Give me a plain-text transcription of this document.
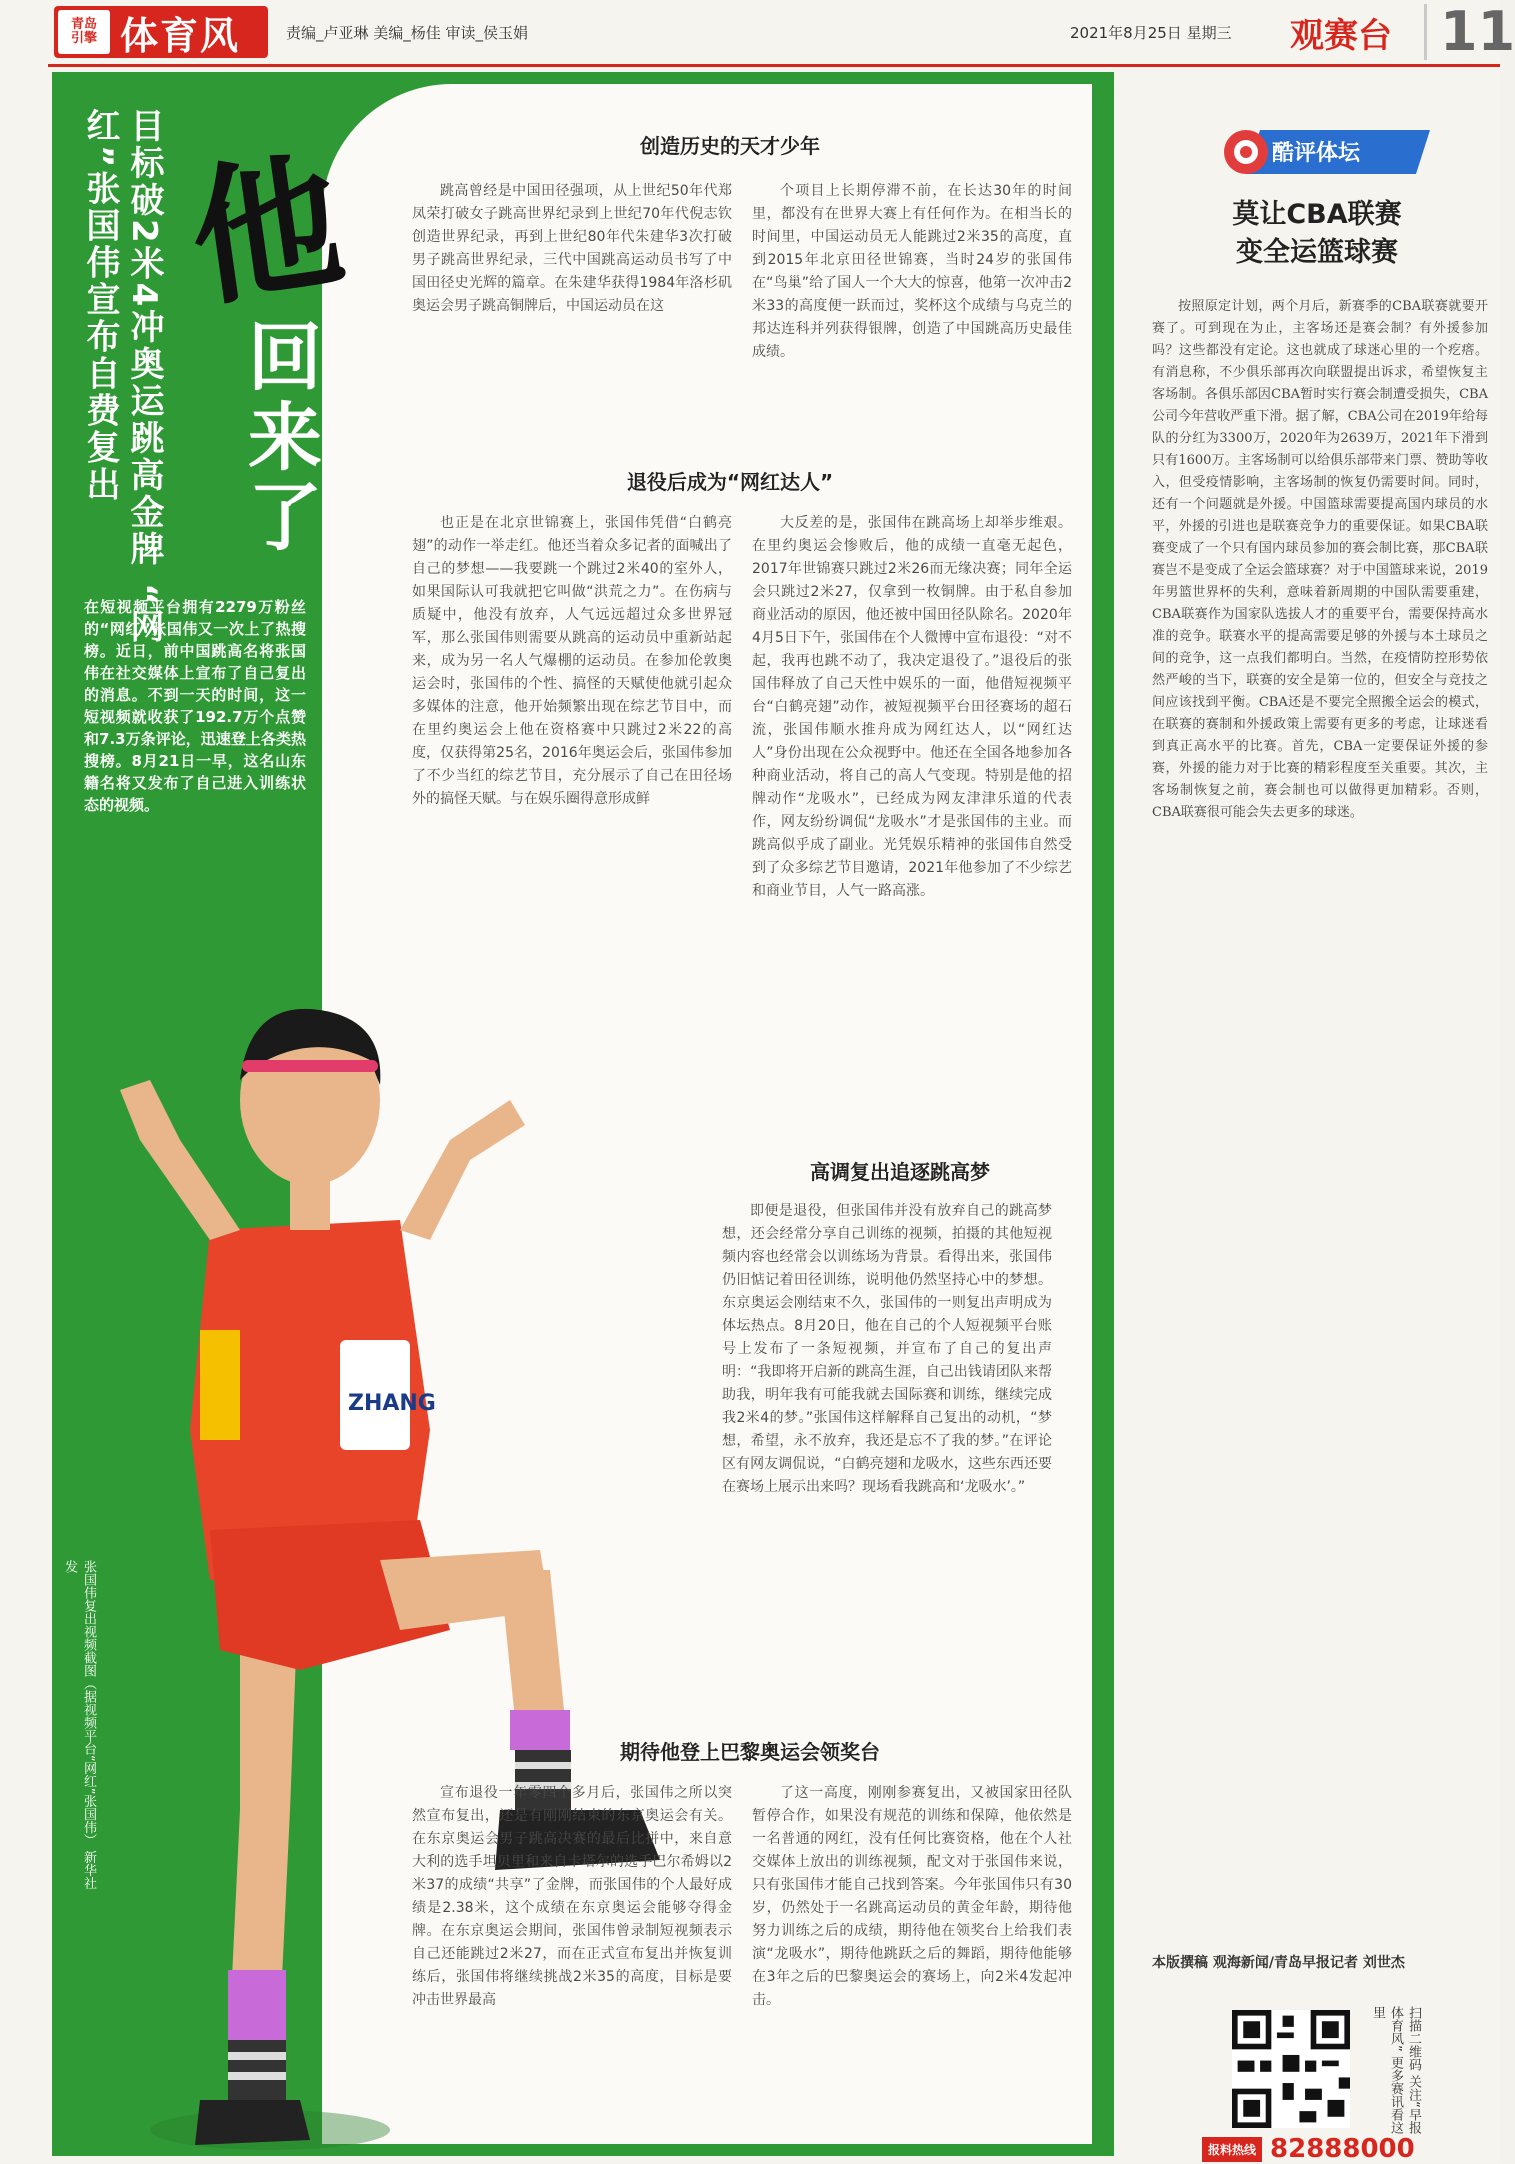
青岛
引擎 体育风	责编_卢亚琳 美编_杨佳 审读_侯玉娟	2021年8月25日 星期三 观赛台 11
目标破2米4冲奥运跳高金牌 “网红”张国伟宣布自费复出 他
回来了
在短视频平台拥有2279万粉丝的“网红”张国伟又一次上了热搜榜。近日，前中国跳高名将张国伟在社交媒体上宣布了自己复出的消息。不到一天的时间，这一短视频就收获了192.7万个点赞和7.3万条评论，迅速登上各类热搜榜。8月21日一早，这名山东籍名将又发布了自己进入训练状态的视频。
张国伟复出视频截图（据视频平台“网红”张国伟） 新华社发
ZHANG
创造历史的天才少年
跳高曾经是中国田径强项，从上世纪50年代郑凤荣打破女子跳高世界纪录到上世纪70年代倪志钦创造世界纪录，再到上世纪80年代朱建华3次打破男子跳高世界纪录，三代中国跳高运动员书写了中国田径史光辉的篇章。在朱建华获得1984年洛杉矶奥运会男子跳高铜牌后，中国运动员在这
个项目上长期停滞不前，在长达30年的时间里，都没有在世界大赛上有任何作为。在相当长的时间里，中国运动员无人能跳过2米35的高度，直到2015年北京田径世锦赛，当时24岁的张国伟在“鸟巢”给了国人一个大大的惊喜，他第一次冲击2米33的高度便一跃而过，奖杯这个成绩与乌克兰的邦达连科并列获得银牌，创造了中国跳高历史最佳成绩。
退役后成为“网红达人”
也正是在北京世锦赛上，张国伟凭借“白鹤亮翅”的动作一举走红。他还当着众多记者的面喊出了自己的梦想——我要跳一个跳过2米40的室外人，如果国际认可我就把它叫做“洪荒之力”。在伤病与质疑中，他没有放弃，人气远远超过众多世界冠军，那么张国伟则需要从跳高的运动员中重新站起来，成为另一名人气爆棚的运动员。在参加伦敦奥运会时，张国伟的个性、搞怪的天赋使他就引起众多媒体的注意，他开始频繁出现在综艺节目中，而在里约奥运会上他在资格赛中只跳过2米22的高度，仅获得第25名，2016年奥运会后，张国伟参加了不少当红的综艺节目，充分展示了自己在田径场外的搞怪天赋。与在娱乐圈得意形成鲜
大反差的是，张国伟在跳高场上却举步维艰。在里约奥运会惨败后，他的成绩一直毫无起色，2017年世锦赛只跳过2米26而无缘决赛；同年全运会只跳过2米27，仅拿到一枚铜牌。由于私自参加商业活动的原因，他还被中国田径队除名。2020年4月5日下午，张国伟在个人微博中宣布退役：“对不起，我再也跳不动了，我决定退役了。”退役后的张国伟释放了自己天性中娱乐的一面，他借短视频平台“白鹤亮翅”动作，被短视频平台田径赛场的超石流，张国伟顺水推舟成为网红达人，以“网红达人”身份出现在公众视野中。他还在全国各地参加各种商业活动，将自己的高人气变现。特别是他的招牌动作“龙吸水”，已经成为网友津津乐道的代表作，网友纷纷调侃“龙吸水”才是张国伟的主业。而跳高似乎成了副业。光凭娱乐精神的张国伟自然受到了众多综艺节目邀请，2021年他参加了不少综艺和商业节目，人气一路高涨。
高调复出追逐跳高梦
即便是退役，但张国伟并没有放弃自己的跳高梦想，还会经常分享自己训练的视频，拍摄的其他短视频内容也经常会以训练场为背景。看得出来，张国伟仍旧惦记着田径训练，说明他仍然坚持心中的梦想。东京奥运会刚结束不久，张国伟的一则复出声明成为体坛热点。8月20日，他在自己的个人短视频平台账号上发布了一条短视频，并宣布了自己的复出声明：“我即将开启新的跳高生涯，自己出钱请团队来帮助我，明年我有可能我就去国际赛和训练，继续完成我2米4的梦。”张国伟这样解释自己复出的动机，“梦想，希望，永不放弃，我还是忘不了我的梦。”在评论区有网友调侃说，“白鹤亮翅和龙吸水，这些东西还要在赛场上展示出来吗？现场看我跳高和‘龙吸水’。”
期待他登上巴黎奥运会领奖台
宣布退役一年零四个多月后，张国伟之所以突然宣布复出，还是有刚刚结束的东京奥运会有关。在东京奥运会男子跳高决赛的最后比拼中，来自意大利的选手坦贝里和来自卡塔尔的选手巴尔希姆以2米37的成绩“共享”了金牌，而张国伟的个人最好成绩是2.38米，这个成绩在东京奥运会能够夺得金牌。在东京奥运会期间，张国伟曾录制短视频表示自己还能跳过2米27，而在正式宣布复出并恢复训练后，张国伟将继续挑战2米35的高度，目标是要冲击世界最高
了这一高度，刚刚参赛复出，又被国家田径队暂停合作，如果没有规范的训练和保障，他依然是一名普通的网红，没有任何比赛资格，他在个人社交媒体上放出的训练视频，配文对于张国伟来说，只有张国伟才能自己找到答案。今年张国伟只有30岁，仍然处于一名跳高运动员的黄金年龄，期待他努力训练之后的成绩，期待他在领奖台上给我们表演“龙吸水”，期待他跳跃之后的舞蹈，期待他能够在3年之后的巴黎奥运会的赛场上，向2米4发起冲击。
酷评体坛
莫让CBA联赛
变全运篮球赛
按照原定计划，两个月后，新赛季的CBA联赛就要开赛了。可到现在为止，主客场还是赛会制？有外援参加吗？这些都没有定论。这也就成了球迷心里的一个疙瘩。有消息称，不少俱乐部再次向联盟提出诉求，希望恢复主客场制。各俱乐部因CBA暂时实行赛会制遭受损失，CBA公司今年营收严重下滑。据了解，CBA公司在2019年给每队的分红为3300万，2020年为2639万，2021年下滑到只有1600万。主客场制可以给俱乐部带来门票、赞助等收入，但受疫情影响，主客场制的恢复仍需要时间。同时，还有一个问题就是外援。中国篮球需要提高国内球员的水平，外援的引进也是联赛竞争力的重要保证。如果CBA联赛变成了一个只有国内球员参加的赛会制比赛，那CBA联赛岂不是变成了全运会篮球赛？对于中国篮球来说，2019年男篮世界杯的失利，意味着新周期的中国队需要重建，CBA联赛作为国家队选拔人才的重要平台，需要保持高水准的竞争。联赛水平的提高需要足够的外援与本土球员之间的竞争，这一点我们都明白。当然，在疫情防控形势依然严峻的当下，联赛的安全是第一位的，但安全与竞技之间应该找到平衡。CBA还是不要完全照搬全运会的模式，在联赛的赛制和外援政策上需要有更多的考虑，让球迷看到真正高水平的比赛。首先，CBA一定要保证外援的参赛，外援的能力对于比赛的精彩程度至关重要。其次，主客场制恢复之前，赛会制也可以做得更加精彩。否则，CBA联赛很可能会失去更多的球迷。
本版撰稿 观海新闻/青岛早报记者 刘世杰
扫描二维码 关注“早报体育风” 更多赛讯看这里
报料热线 82888000
